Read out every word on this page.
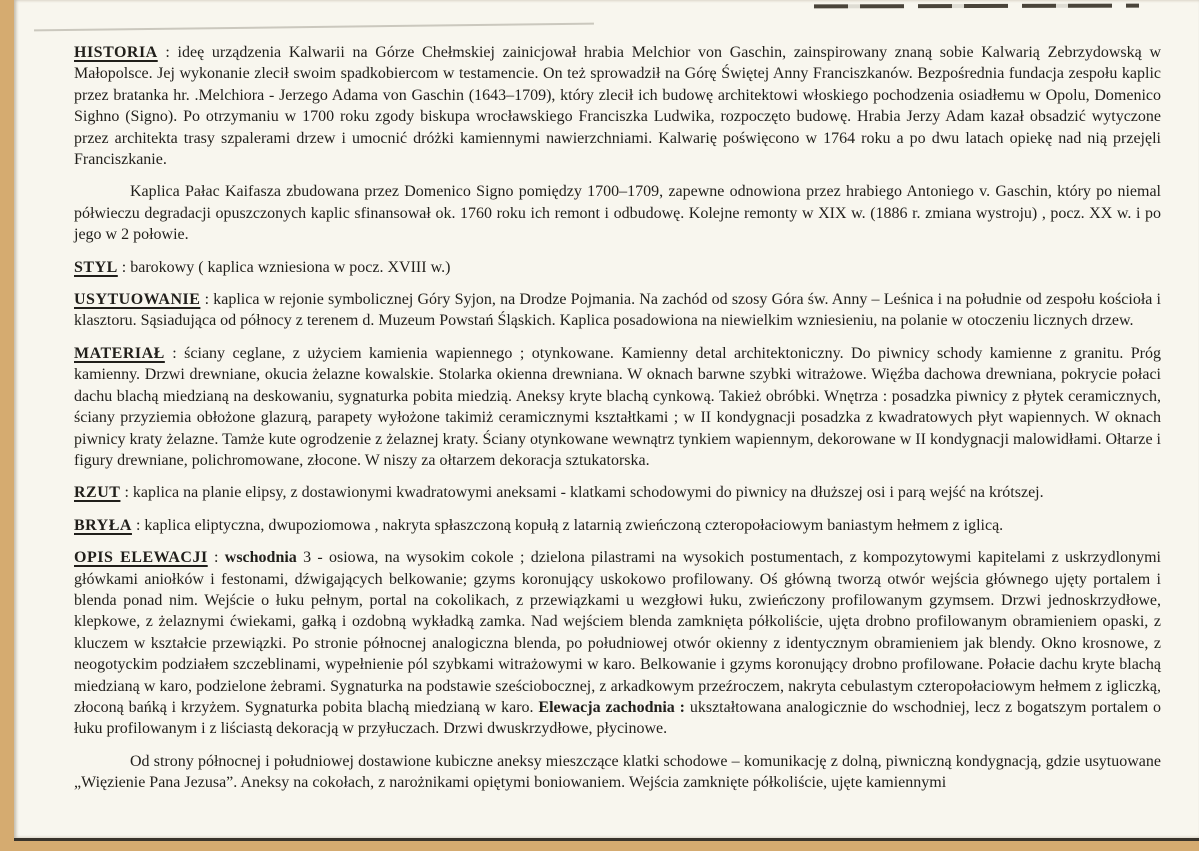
HISTORIA : ideę urządzenia Kalwarii na Górze Chełmskiej zainicjował hrabia Melchior von Gaschin, zainspirowany znaną sobie Kalwarią Zebrzydowską w Małopolsce. Jej wykonanie zlecił swoim spadkobiercom w testamencie. On też sprowadził na Górę Świętej Anny Franciszkanów. Bezpośrednia fundacja zespołu kaplic przez bratanka hr. .Melchiora - Jerzego Adama von Gaschin (1643–1709), który zlecił ich budowę architektowi włoskiego pochodzenia osiadłemu w Opolu, Domenico Sighno (Signo). Po otrzymaniu w 1700 roku zgody biskupa wrocławskiego Franciszka Ludwika, rozpoczęto budowę. Hrabia Jerzy Adam kazał obsadzić wytyczone przez architekta trasy szpalerami drzew i umocnić dróżki kamiennymi nawierzchniami. Kalwarię poświęcono w 1764 roku a po dwu latach opiekę nad nią przejęli Franciszkanie.

Kaplica Pałac Kaifasza zbudowana przez Domenico Signo pomiędzy 1700–1709, zapewne odnowiona przez hrabiego Antoniego v. Gaschin, który po niemal półwieczu degradacji opuszczonych kaplic sfinansował ok. 1760 roku ich remont i odbudowę. Kolejne remonty w XIX w. (1886 r. zmiana wystroju) , pocz. XX w. i po jego w 2 połowie.

STYL : barokowy ( kaplica wzniesiona w pocz. XVIII w.)

USYTUOWANIE : kaplica w rejonie symbolicznej Góry Syjon, na Drodze Pojmania. Na zachód od szosy Góra św. Anny – Leśnica i na południe od zespołu kościoła i klasztoru. Sąsiadująca od północy z terenem d. Muzeum Powstań Śląskich. Kaplica posadowiona na niewielkim wzniesieniu, na polanie w otoczeniu licznych drzew.

MATERIAŁ : ściany ceglane, z użyciem kamienia wapiennego ; otynkowane. Kamienny detal architektoniczny. Do piwnicy schody kamienne z granitu. Próg kamienny. Drzwi drewniane, okucia żelazne kowalskie. Stolarka okienna drewniana. W oknach barwne szybki witrażowe. Więźba dachowa drewniana, pokrycie połaci dachu blachą miedzianą na deskowaniu, sygnaturka pobita miedzią. Aneksy kryte blachą cynkową. Takież obróbki. Wnętrza : posadzka piwnicy z płytek ceramicznych, ściany przyziemia obłożone glazurą, parapety wyłożone takimiż ceramicznymi kształtkami ; w II kondygnacji posadzka z kwadratowych płyt wapiennych. W oknach piwnicy kraty żelazne. Tamże kute ogrodzenie z żelaznej kraty. Ściany otynkowane wewnątrz tynkiem wapiennym, dekorowane w II kondygnacji malowidłami. Ołtarze i figury drewniane, polichromowane, złocone. W niszy za ołtarzem dekoracja sztukatorska.

RZUT : kaplica na planie elipsy, z dostawionymi kwadratowymi aneksami - klatkami schodowymi do piwnicy na dłuższej osi i parą wejść na krótszej.

BRYŁA : kaplica eliptyczna, dwupoziomowa , nakryta spłaszczoną kopułą z latarnią zwieńczoną czteropołaciowym baniastym hełmem z iglicą.

OPIS ELEWACJI : wschodnia 3 - osiowa, na wysokim cokole ; dzielona pilastrami na wysokich postumentach, z kompozytowymi kapitelami z uskrzydlonymi główkami aniołków i festonami, dźwigających belkowanie; gzyms koronujący uskokowo profilowany. Oś główną tworzą otwór wejścia głównego ujęty portalem i blenda ponad nim. Wejście o łuku pełnym, portal na cokolikach, z przewiązkami u wezgłowi łuku, zwieńczony profilowanym gzymsem. Drzwi jednoskrzydłowe, klepkowe, z żelaznymi ćwiekami, gałką i ozdobną wykładką zamka. Nad wejściem blenda zamknięta półkoliście, ujęta drobno profilowanym obramieniem opaski, z kluczem w kształcie przewiązki. Po stronie północnej analogiczna blenda, po południowej otwór okienny z identycznym obramieniem jak blendy. Okno krosnowe, z neogotyckim podziałem szczeblinami, wypełnienie pól szybkami witrażowymi w karo. Belkowanie i gzyms koronujący drobno profilowane. Połacie dachu kryte blachą miedzianą w karo, podzielone żebrami. Sygnaturka na podstawie sześciobocznej, z arkadkowym przeźroczem, nakryta cebulastym czteropołaciowym hełmem z igliczką, złoconą bańką i krzyżem. Sygnaturka pobita blachą miedzianą w karo. Elewacja zachodnia : ukształtowana analogicznie do wschodniej, lecz z bogatszym portalem o łuku profilowanym i z liściastą dekoracją w przyłuczach. Drzwi dwuskrzydłowe, płycinowe.

Od strony północnej i południowej dostawione kubiczne aneksy mieszczące klatki schodowe – komunikację z dolną, piwniczną kondygnacją, gdzie usytuowane „Więzienie Pana Jezusa”. Aneksy na cokołach, z narożnikami opiętymi boniowaniem. Wejścia zamknięte półkoliście, ujęte kamiennymi
